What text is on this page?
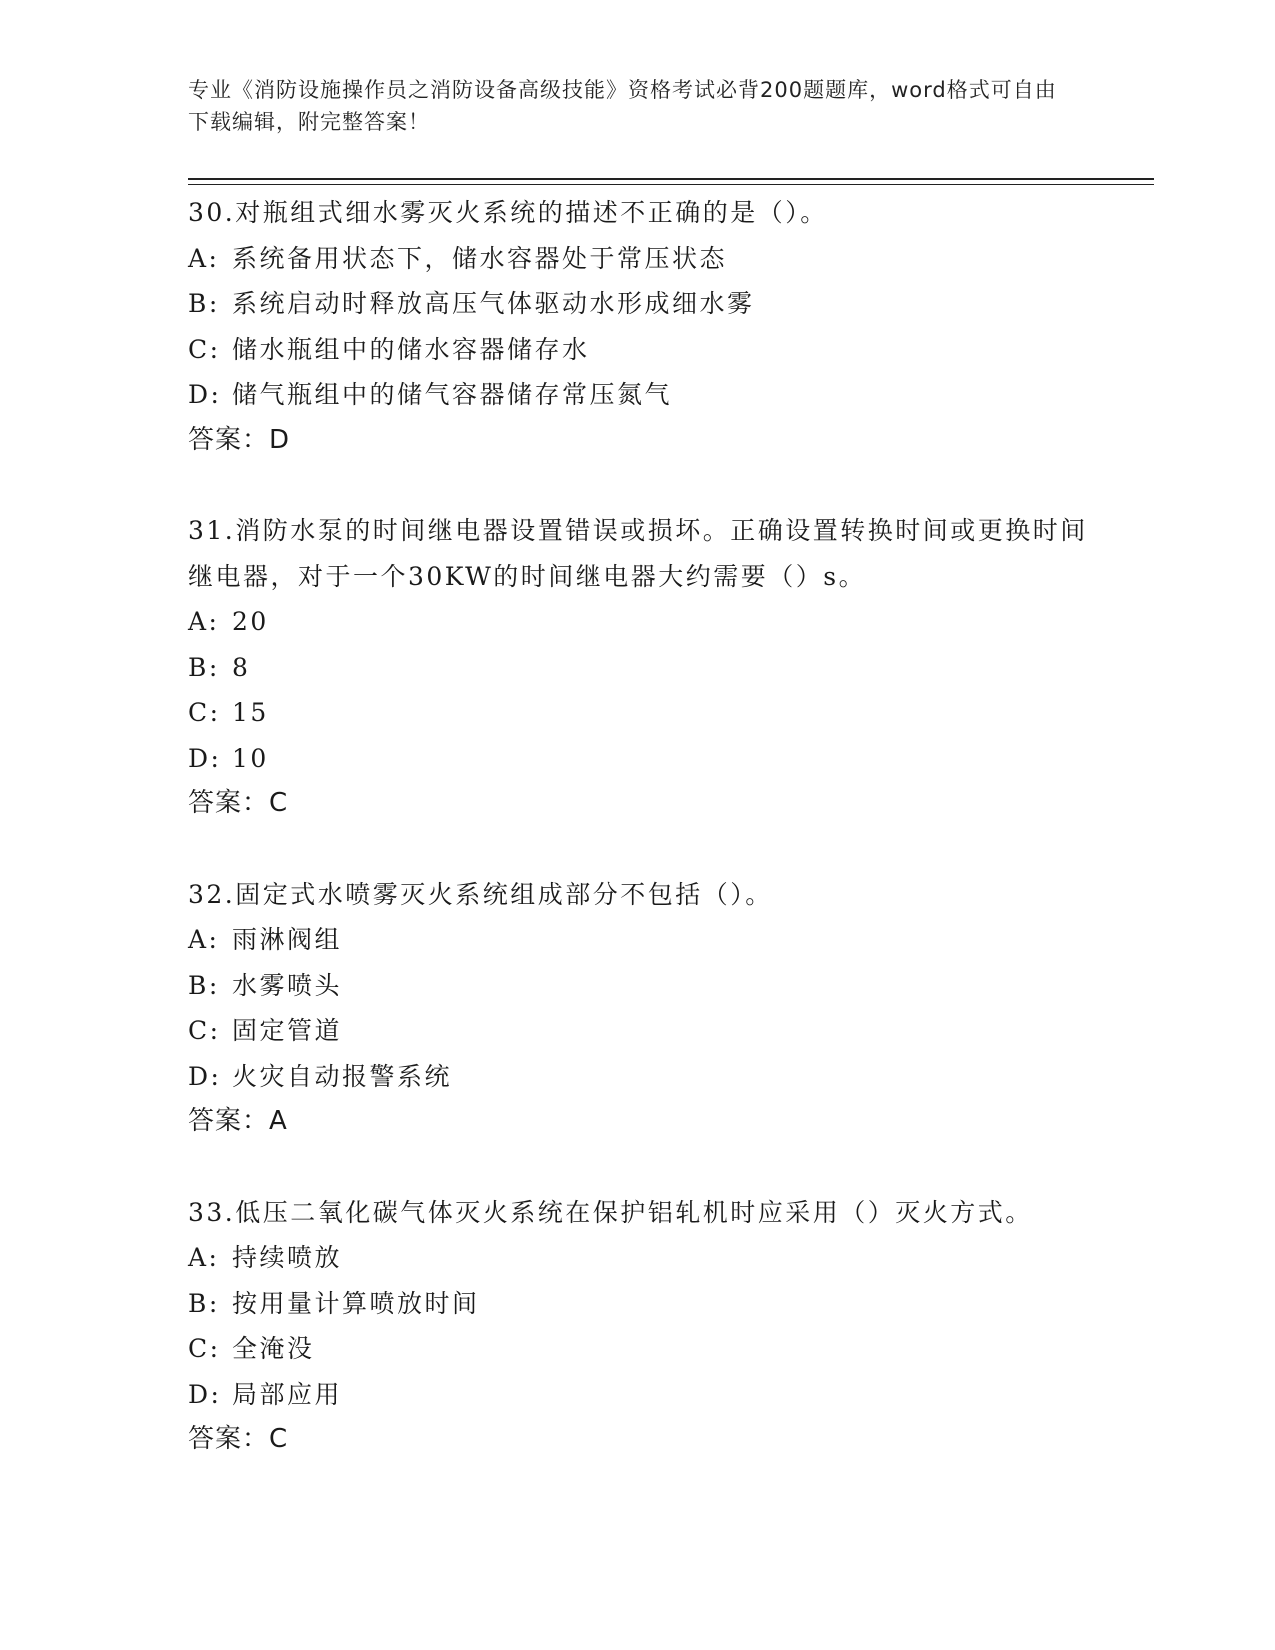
专业《消防设施操作员之消防设备高级技能》资格考试必背200题题库，word格式可自由下载编辑，附完整答案！

30.对瓶组式细水雾灭火系统的描述不正确的是（）。

A: 系统备用状态下，储水容器处于常压状态

B: 系统启动时释放高压气体驱动水形成细水雾

C: 储水瓶组中的储水容器储存水

D: 储气瓶组中的储气容器储存常压氮气

答案：D

31.消防水泵的时间继电器设置错误或损坏。正确设置转换时间或更换时间继电器，对于一个30KW的时间继电器大约需要（）s。

A: 20

B: 8

C: 15

D: 10

答案：C

32.固定式水喷雾灭火系统组成部分不包括（）。

A: 雨淋阀组

B: 水雾喷头

C: 固定管道

D: 火灾自动报警系统

答案：A

33.低压二氧化碳气体灭火系统在保护铝轧机时应采用（）灭火方式。

A: 持续喷放

B: 按用量计算喷放时间

C: 全淹没

D: 局部应用

答案：C
